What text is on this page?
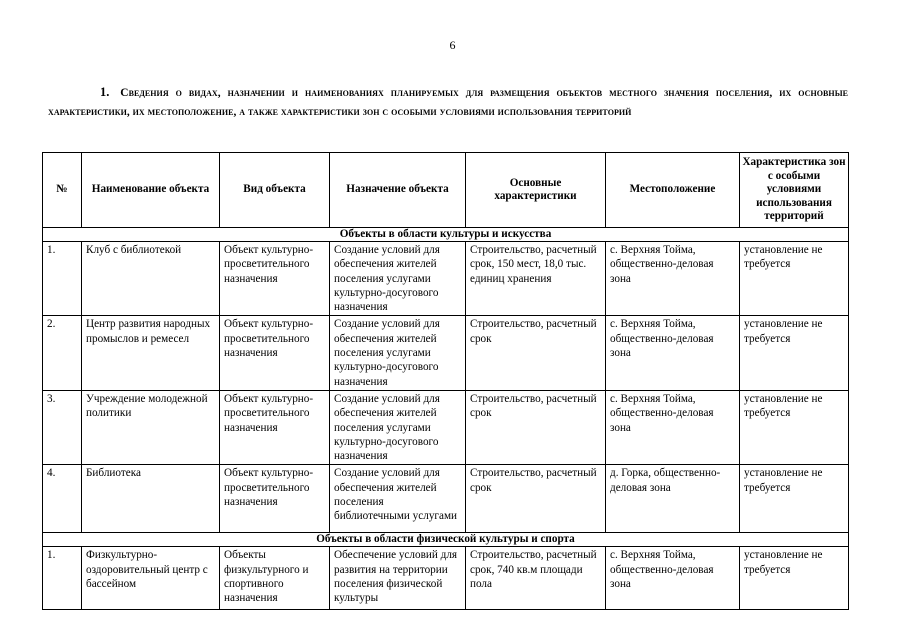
6
1. Сведения о видах, назначении и наименованиях планируемых для размещения объектов местного значения поселения, их основные характеристики, их местоположение, а также характеристики зон с особыми условиями использования территорий
№	Наименование объекта	Вид объекта	Назначение объекта	Основные характеристики	Местоположение	Характеристика зон с особыми условиями использования территорий
Объекты в области культуры и искусства						
1.	Клуб с библиотекой	Объект культурно-просветительного назначения	Создание условий для обеспечения жителей поселения услугами культурно-досугового назначения	Строительство, расчетный срок, 150 мест, 18,0 тыс. единиц хранения	с. Верхняя Тойма, общественно-деловая зона	установление не требуется
2.	Центр развития народных промыслов и ремесел	Объект культурно-просветительного назначения	Создание условий для обеспечения жителей поселения услугами культурно-досугового назначения	Строительство, расчетный срок	с. Верхняя Тойма, общественно-деловая зона	установление не требуется
3.	Учреждение молодежной политики	Объект культурно-просветительного назначения	Создание условий для обеспечения жителей поселения услугами культурно-досугового назначения	Строительство, расчетный срок	с. Верхняя Тойма, общественно-деловая зона	установление не требуется
4.	Библиотека	Объект культурно-просветительного назначения	Создание условий для обеспечения жителей поселения библиотечными услугами	Строительство, расчетный срок	д. Горка, общественно-деловая зона	установление не требуется
Объекты в области физической культуры и спорта						
1.	Физкультурно-оздоровительный центр с бассейном	Объекты физкультурного и спортивного назначения	Обеспечение условий для развития на территории поселения физической культуры	Строительство, расчетный срок, 740 кв.м площади пола	с. Верхняя Тойма, общественно-деловая зона	установление не требуется
